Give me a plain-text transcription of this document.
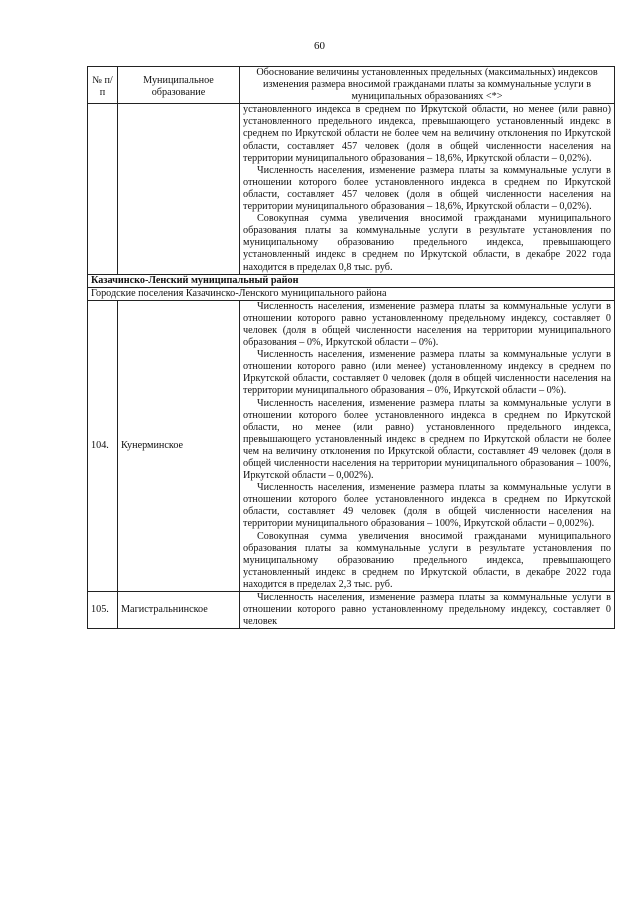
60
№ п/п	Муниципальное образование	Обоснование величины установленных предельных (максимальных) индексов изменения размера вносимой гражданами платы за коммунальные услуги в муниципальных образованиях <*>

		установленного индекса в среднем по Иркутской области, но менее (или равно) установленного предельного индекса, превышающего установленный индекс в среднем по Иркутской области не более чем на величину отклонения по Иркутской области, составляет 457 человек (доля в общей численности населения на территории муниципального образования – 18,6%, Иркутской области – 0,02%).

Численность населения, изменение размера платы за коммунальные услуги в отношении которого более установленного индекса в среднем по Иркутской области, составляет 457 человек (доля в общей численности населения на территории муниципального образования – 18,6%, Иркутской области – 0,02%).

Совокупная сумма увеличения вносимой гражданами муниципального образования платы за коммунальные услуги в результате установления по муниципальному образованию предельного индекса, превышающего установленный индекс в среднем по Иркутской области, в декабре 2022 года находится в пределах 0,8 тыс. руб.

Казачинско-Ленский муниципальный район		
Городские поселения Казачинско-Ленского муниципального района		
104.	Кунерминское	Численность населения, изменение размера платы за коммунальные услуги в отношении которого равно установленному предельному индексу, составляет 0 человек (доля в общей численности населения на территории муниципального образования – 0%, Иркутской области – 0%).

Численность населения, изменение размера платы за коммунальные услуги в отношении которого равно (или менее) установленному индексу в среднем по Иркутской области, составляет 0 человек (доля в общей численности населения на территории муниципального образования – 0%, Иркутской области – 0%).

Численность населения, изменение размера платы за коммунальные услуги в отношении которого более установленного индекса в среднем по Иркутской области, но менее (или равно) установленного предельного индекса, превышающего установленный индекс в среднем по Иркутской области не более чем на величину отклонения по Иркутской области, составляет 49 человек (доля в общей численности населения на территории муниципального образования – 100%, Иркутской области – 0,002%).

Численность населения, изменение размера платы за коммунальные услуги в отношении которого более установленного индекса в среднем по Иркутской области, составляет 49 человек (доля в общей численности населения на территории муниципального образования – 100%, Иркутской области – 0,002%).

Совокупная сумма увеличения вносимой гражданами муниципального образования платы за коммунальные услуги в результате установления по муниципальному образованию предельного индекса, превышающего установленный индекс в среднем по Иркутской области, в декабре 2022 года находится в пределах 2,3 тыс. руб.

105.	Магистральнинское	Численность населения, изменение размера платы за коммунальные услуги в отношении которого равно установленному предельному индексу, составляет 0 человек
